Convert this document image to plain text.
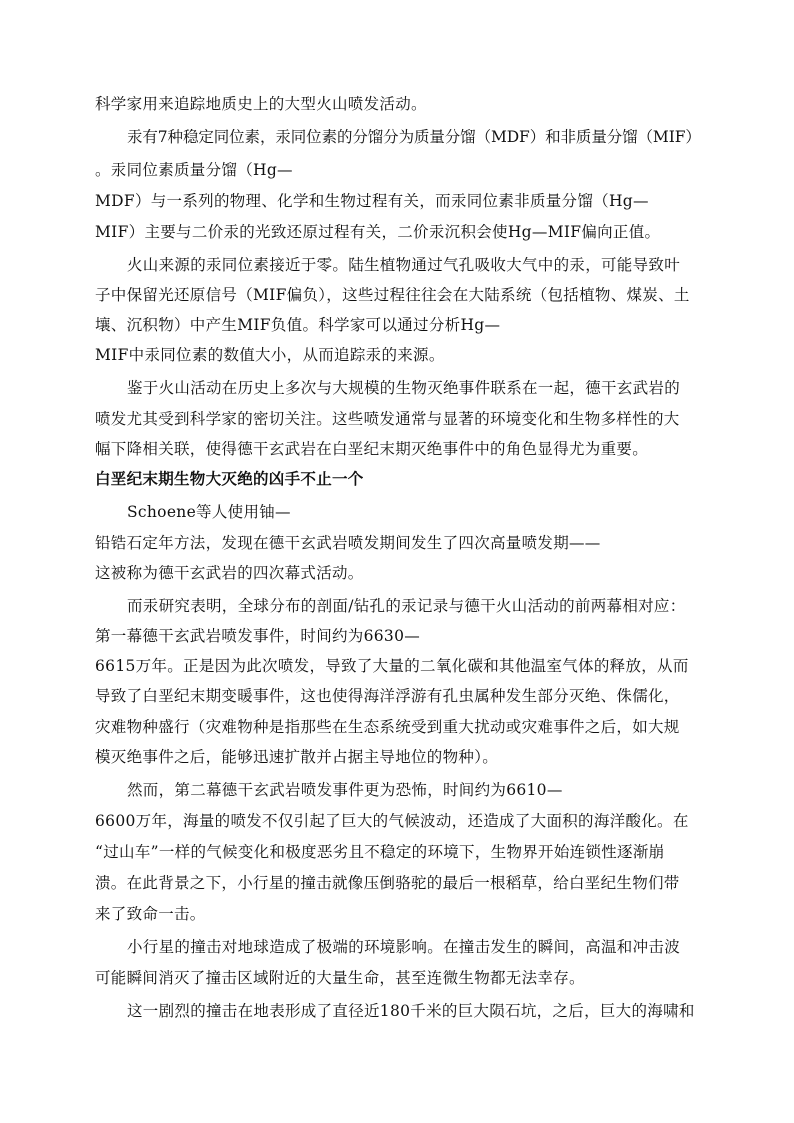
科学家用来追踪地质史上的大型火山喷发活动。
汞有7种稳定同位素，汞同位素的分馏分为质量分馏（MDF）和非质量分馏（MIF）
。汞同位素质量分馏（Hg—
MDF）与一系列的物理、化学和生物过程有关，而汞同位素非质量分馏（Hg—
MIF）主要与二价汞的光致还原过程有关，二价汞沉积会使Hg—MIF偏向正值。
火山来源的汞同位素接近于零。陆生植物通过气孔吸收大气中的汞，可能导致叶
子中保留光还原信号（MIF偏负），这些过程往往会在大陆系统（包括植物、煤炭、土
壤、沉积物）中产生MIF负值。科学家可以通过分析Hg—
MIF中汞同位素的数值大小，从而追踪汞的来源。
鉴于火山活动在历史上多次与大规模的生物灭绝事件联系在一起，德干玄武岩的
喷发尤其受到科学家的密切关注。这些喷发通常与显著的环境变化和生物多样性的大
幅下降相关联，使得德干玄武岩在白垩纪末期灭绝事件中的角色显得尤为重要。
白垩纪末期生物大灭绝的凶手不止一个
Schoene等人使用铀—
铅锆石定年方法，发现在德干玄武岩喷发期间发生了四次高量喷发期——
这被称为德干玄武岩的四次幕式活动。
而汞研究表明，全球分布的剖面/钻孔的汞记录与德干火山活动的前两幕相对应：
第一幕德干玄武岩喷发事件，时间约为6630—
6615万年。正是因为此次喷发，导致了大量的二氧化碳和其他温室气体的释放，从而
导致了白垩纪末期变暖事件，这也使得海洋浮游有孔虫属种发生部分灭绝、侏儒化，
灾难物种盛行（灾难物种是指那些在生态系统受到重大扰动或灾难事件之后，如大规
模灭绝事件之后，能够迅速扩散并占据主导地位的物种）。
然而，第二幕德干玄武岩喷发事件更为恐怖，时间约为6610—
6600万年，海量的喷发不仅引起了巨大的气候波动，还造成了大面积的海洋酸化。在
“过山车”一样的气候变化和极度恶劣且不稳定的环境下，生物界开始连锁性逐渐崩
溃。在此背景之下，小行星的撞击就像压倒骆驼的最后一根稻草，给白垩纪生物们带
来了致命一击。
小行星的撞击对地球造成了极端的环境影响。在撞击发生的瞬间，高温和冲击波
可能瞬间消灭了撞击区域附近的大量生命，甚至连微生物都无法幸存。
这一剧烈的撞击在地表形成了直径近180千米的巨大陨石坑，之后，巨大的海啸和
